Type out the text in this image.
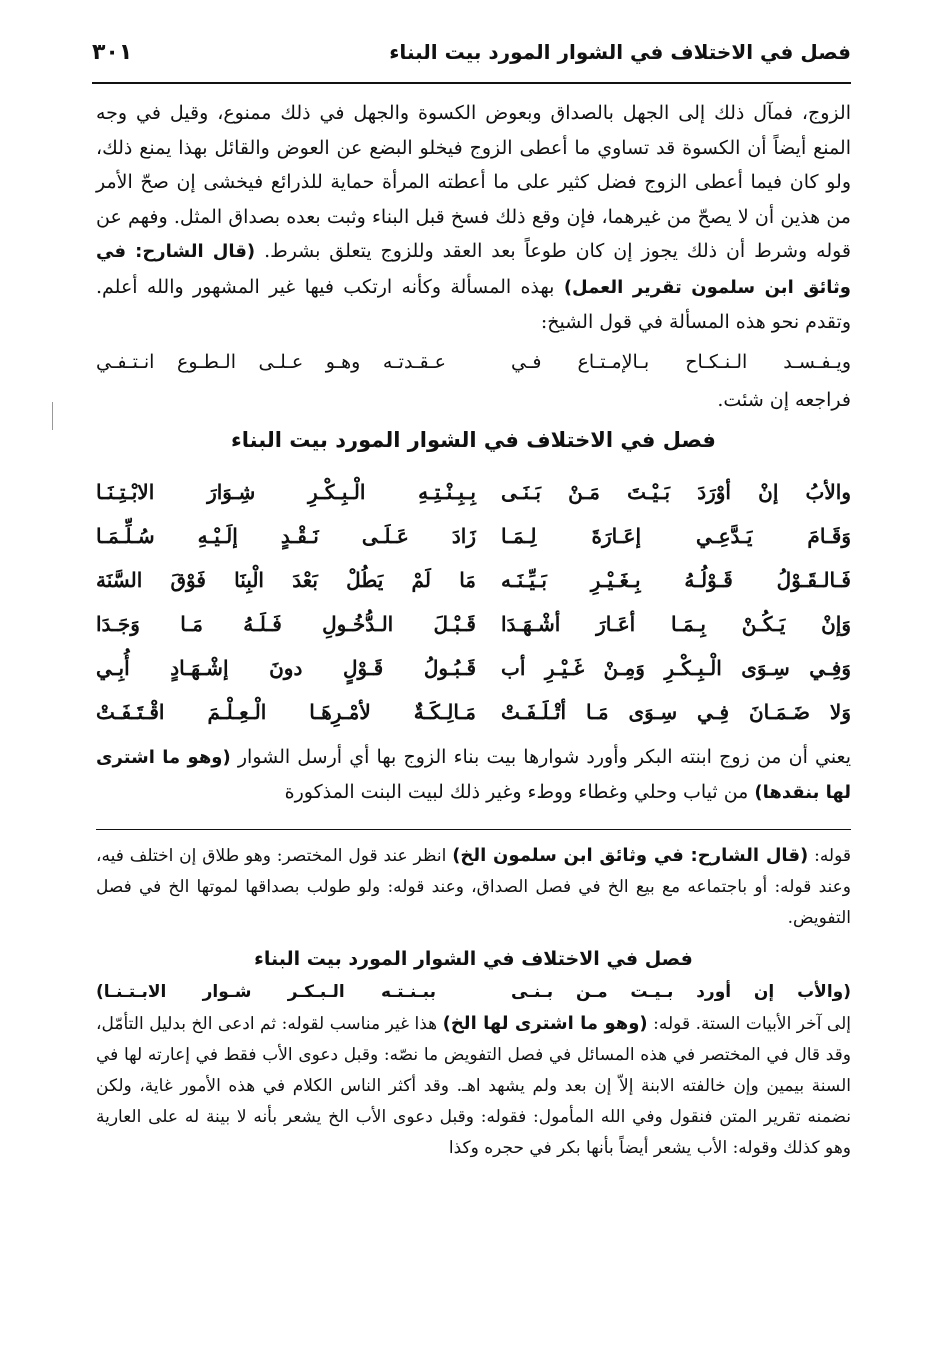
فصل في الاختلاف في الشوار المورد بيت البناء
٣٠١

الزوج، فمآل ذلك إلى الجهل بالصداق وبعوض الكسوة والجهل في ذلك ممنوع، وقيل في وجه المنع أيضاً أن الكسوة قد تساوي ما أعطى الزوج فيخلو البضع عن العوض والقائل بهذا يمنع ذلك، ولو كان فيما أعطى الزوج فضل كثير على ما أعطته المرأة حماية للذرائع فيخشى إن صحّ الأمر من هذين أن لا يصحّ من غيرهما، فإن وقع ذلك فسخ قبل البناء وثبت بعده بصداق المثل. وفهم عن قوله وشرط أن ذلك يجوز إن كان طوعاً بعد العقد وللزوج يتعلق بشرط. (قال الشارح: في وثائق ابن سلمون تقرير العمل) بهذه المسألة وكأنه ارتكب فيها غير المشهور والله أعلم. وتقدم نحو هذه المسألة في قول الشيخ:

ويـفـسـد الـنـكـاح بـالإمـتـاع فـي
عـقـدتـه وهـو عـلـى الـطـوع انـتـفـي

فراجعه إن شئت.

فصل في الاختلاف في الشوار المورد بيت البناء

والأبُ إنْ أوْرَدَ بَـيْـتَ مَـنْ بَـنَـى
بِـبِـنْـتِـهِ الْـبِـكْـرِ شِـوَارَ الابْـتِـنَـا
وَقَـامَ يَـدَّعِـي إعَـارَةَ لِـمَـا
زَادَ عَـلَـى نَـقْـدٍ إلَـيْـهِ سُـلِّـمَـا
فَـالـقَـوْلُ قَـوْلُـهُ بِـغَـيْـرِ بَـيِّـنَـه
مَا لَمْ يَطُلْ بَعْدَ الْبِنَا فَوْقَ السَّنَة
وَإنْ يَـكُـنْ بِـمَـا أعَـارَ أشْـهَـدَا
قَـبْـلَ الـدُّخُـولِ فَـلَـهُ مَـا وَجَـدَا
وَفِـي سِـوَى الْـبِـكْـرِ وَمِـنْ غَـيْـرِ أب
قَـبُـولُ قَـوْلٍ دونَ إشْـهَـادٍ أُبِـي
وَلا ضَـمَـانَ فِـي سِـوَى مَـا أتْـلَـفَـتْ
مَـالِـكَـةٌ لأمْـرِهَـا الْـعِـلْـمَ اقْـتَـفَـتْ

يعني أن من زوج ابنته البكر وأورد شوارها بيت بناء الزوج بها أي أرسل الشوار (وهو ما اشترى لها بنقدها) من ثياب وحلي وغطاء ووطء وغير ذلك لبيت البنت المذكورة

قوله: (قال الشارح: في وثائق ابن سلمون الخ) انظر عند قول المختصر: وهو طلاق إن اختلف فيه، وعند قوله: أو باجتماعه مع بيع الخ في فصل الصداق، وعند قوله: ولو طولب بصداقها لموتها الخ في فصل التفويض.

فصل في الاختلاف في الشوار المورد بيت البناء

(والأب إن أورد بـيـت مـن بـنـى
ببـنـتـه الـبـكـر شـوار الابـتـنـا)

إلى آخر الأبيات الستة. قوله: (وهو ما اشترى لها الخ) هذا غير مناسب لقوله: ثم ادعى الخ بدليل التأمّل، وقد قال في المختصر في هذه المسائل في فصل التفويض ما نصّه: وقبل دعوى الأب فقط في إعارته لها في السنة بيمين وإن خالفته الابنة إلاّ إن بعد ولم يشهد اهـ. وقد أكثر الناس الكلام في هذه الأمور غاية، ولكن نضمنه تقرير المتن فنقول وفي الله المأمول: فقوله: وقبل دعوى الأب الخ يشعر بأنه لا بينة له على العارية وهو كذلك وقوله: الأب يشعر أيضاً بأنها بكر في حجره وكذا
